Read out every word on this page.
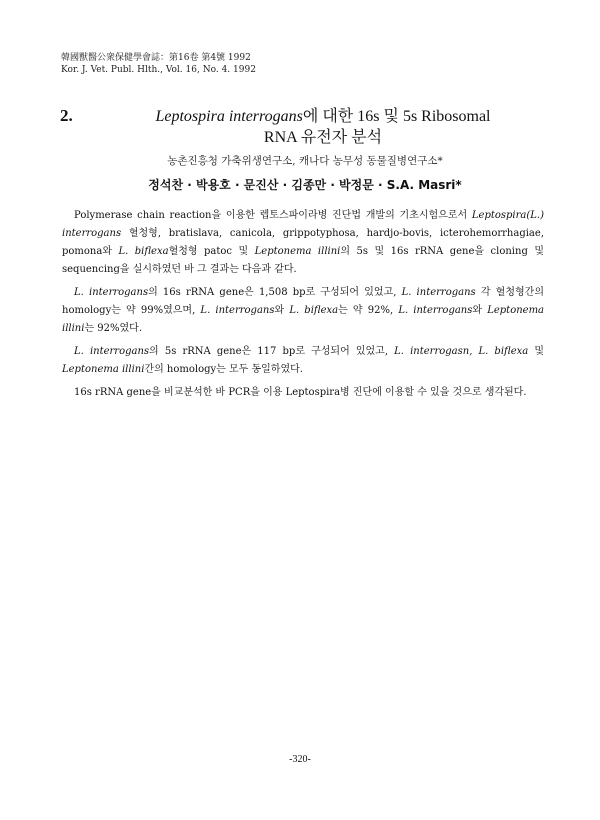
韓國獸醫公衆保健學會誌：第16卷 第4號 1992
Kor. J. Vet. Publ. Hlth., Vol. 16, No. 4. 1992
2.	Leptospira interrogans에 대한 16s 및 5s Ribosomal
RNA 유전자 분석
농촌진흥청 가축위생연구소, 캐나다 농무성 동물질병연구소*
정석찬 · 박용호 · 문진산 · 김종만 · 박정문 · S.A. Masri*

Polymerase chain reaction을 이용한 렙토스파이라병 진단법 개발의 기초시험으로서 Leptospira(L.) interrogans 혈청형, bratislava, canicola, grippotyphosa, hardjo-bovis, icterohemorrhagiae, pomona와 L. biflexa혈청형 patoc 및 Leptonema illini의 5s 및 16s rRNA gene을 cloning 및 sequencing을 실시하였던 바 그 결과는 다음과 같다.

L. interrogans의 16s rRNA gene은 1,508 bp로 구성되어 있었고, L. interrogans 각 혈청형간의 homology는 약 99%였으며, L. interrogans와 L. biflexa는 약 92%, L. interrogans와 Leptonema illini는 92%였다.

L. interrogans의 5s rRNA gene은 117 bp로 구성되어 있었고, L. interrogasn, L. biflexa 및 Leptonema illini간의 homology는 모두 동일하였다.

16s rRNA gene을 비교분석한 바 PCR을 이용 Leptospira병 진단에 이용할 수 있을 것으로 생각된다.

-320-
